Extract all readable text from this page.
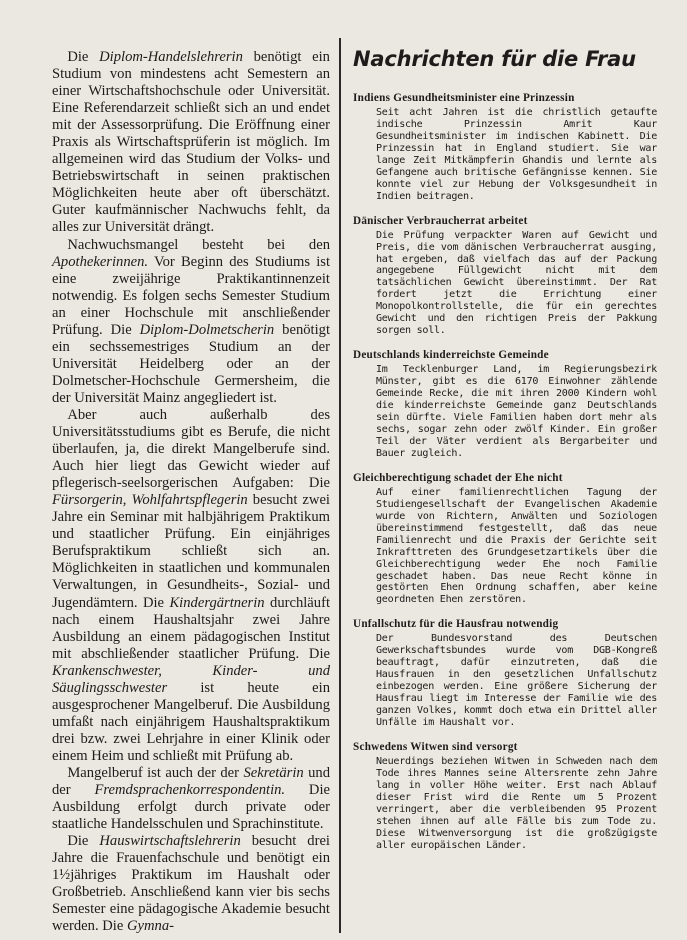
Die Diplom-Handelslehrerin benötigt ein Studium von mindestens acht Semestern an einer Wirtschaftshochschule oder Universität. Eine Referendarzeit schließt sich an und endet mit der Assessorprüfung. Die Eröffnung einer Praxis als Wirtschaftsprüferin ist möglich. Im allgemeinen wird das Studium der Volks- und Betriebswirtschaft in seinen praktischen Möglichkeiten heute aber oft überschätzt. Guter kaufmännischer Nachwuchs fehlt, da alles zur Universität drängt.

Nachwuchsmangel besteht bei den Apothekerinnen. Vor Beginn des Studiums ist eine zweijährige Praktikantinnenzeit notwendig. Es folgen sechs Semester Studium an einer Hochschule mit anschließender Prüfung. Die Diplom-Dolmetscherin benötigt ein sechssemestriges Studium an der Universität Heidelberg oder an der Dolmetscher-Hochschule Germersheim, die der Universität Mainz angegliedert ist.

Aber auch außerhalb des Universitätsstudiums gibt es Berufe, die nicht überlaufen, ja, die direkt Mangelberufe sind. Auch hier liegt das Gewicht wieder auf pflegerisch-seelsorgerischen Aufgaben: Die Fürsorgerin, Wohlfahrtspflegerin besucht zwei Jahre ein Seminar mit halbjährigem Praktikum und staatlicher Prüfung. Ein einjähriges Berufspraktikum schließt sich an. Möglichkeiten in staatlichen und kommunalen Verwaltungen, in Gesundheits-, Sozial- und Jugendämtern. Die Kindergärtnerin durchläuft nach einem Haushaltsjahr zwei Jahre Ausbildung an einem pädagogischen Institut mit abschließender staatlicher Prüfung. Die Krankenschwester, Kinder- und Säuglingsschwester ist heute ein ausgesprochener Mangelberuf. Die Ausbildung umfaßt nach einjährigem Haushaltspraktikum drei bzw. zwei Lehrjahre in einer Klinik oder einem Heim und schließt mit Prüfung ab.

Mangelberuf ist auch der der Sekretärin und der Fremdsprachenkorrespondentin. Die Ausbildung erfolgt durch private oder staatliche Handelsschulen und Sprachinstitute.

Die Hauswirtschaftslehrerin besucht drei Jahre die Frauenfachschule und benötigt ein 1½jähriges Praktikum im Haushalt oder Großbetrieb. Anschließend kann vier bis sechs Semester eine pädagogische Akademie besucht werden. Die Gymna-

Nachrichten für die Frau
Indiens Gesundheitsminister eine Prinzessin

Seit acht Jahren ist die christlich getaufte indische Prinzessin Amrit Kaur Gesundheitsminister im indischen Kabinett. Die Prinzessin hat in England studiert. Sie war lange Zeit Mitkämpferin Ghandis und lernte als Gefangene auch britische Gefängnisse kennen. Sie konnte viel zur Hebung der Volksgesundheit in Indien beitragen.

Dänischer Verbraucherrat arbeitet

Die Prüfung verpackter Waren auf Gewicht und Preis, die vom dänischen Verbraucherrat ausging, hat ergeben, daß vielfach das auf der Packung angegebene Füllgewicht nicht mit dem tatsächlichen Gewicht übereinstimmt. Der Rat fordert jetzt die Errichtung einer Monopolkontrollstelle, die für ein gerechtes Gewicht und den richtigen Preis der Pakkung sorgen soll.

Deutschlands kinderreichste Gemeinde

Im Tecklenburger Land, im Regierungsbezirk Münster, gibt es die 6170 Einwohner zählende Gemeinde Recke, die mit ihren 2000 Kindern wohl die kinderreichste Gemeinde ganz Deutschlands sein dürfte. Viele Familien haben dort mehr als sechs, sogar zehn oder zwölf Kinder. Ein großer Teil der Väter verdient als Bergarbeiter und Bauer zugleich.

Gleichberechtigung schadet der Ehe nicht

Auf einer familienrechtlichen Tagung der Studiengesellschaft der Evangelischen Akademie wurde von Richtern, Anwälten und Soziologen übereinstimmend festgestellt, daß das neue Familienrecht und die Praxis der Gerichte seit Inkrafttreten des Grundgesetzartikels über die Gleichberechtigung weder Ehe noch Familie geschadet haben. Das neue Recht könne in gestörten Ehen Ordnung schaffen, aber keine geordneten Ehen zerstören.

Unfallschutz für die Hausfrau notwendig

Der Bundesvorstand des Deutschen Gewerkschaftsbundes wurde vom DGB-Kongreß beauftragt, dafür einzutreten, daß die Hausfrauen in den gesetzlichen Unfallschutz einbezogen werden. Eine größere Sicherung der Hausfrau liegt im Interesse der Familie wie des ganzen Volkes, kommt doch etwa ein Drittel aller Unfälle im Haushalt vor.

Schwedens Witwen sind versorgt

Neuerdings beziehen Witwen in Schweden nach dem Tode ihres Mannes seine Altersrente zehn Jahre lang in voller Höhe weiter. Erst nach Ablauf dieser Frist wird die Rente um 5 Prozent verringert, aber die verbleibenden 95 Prozent stehen ihnen auf alle Fälle bis zum Tode zu. Diese Witwenversorgung ist die großzügigste aller europäischen Länder.
